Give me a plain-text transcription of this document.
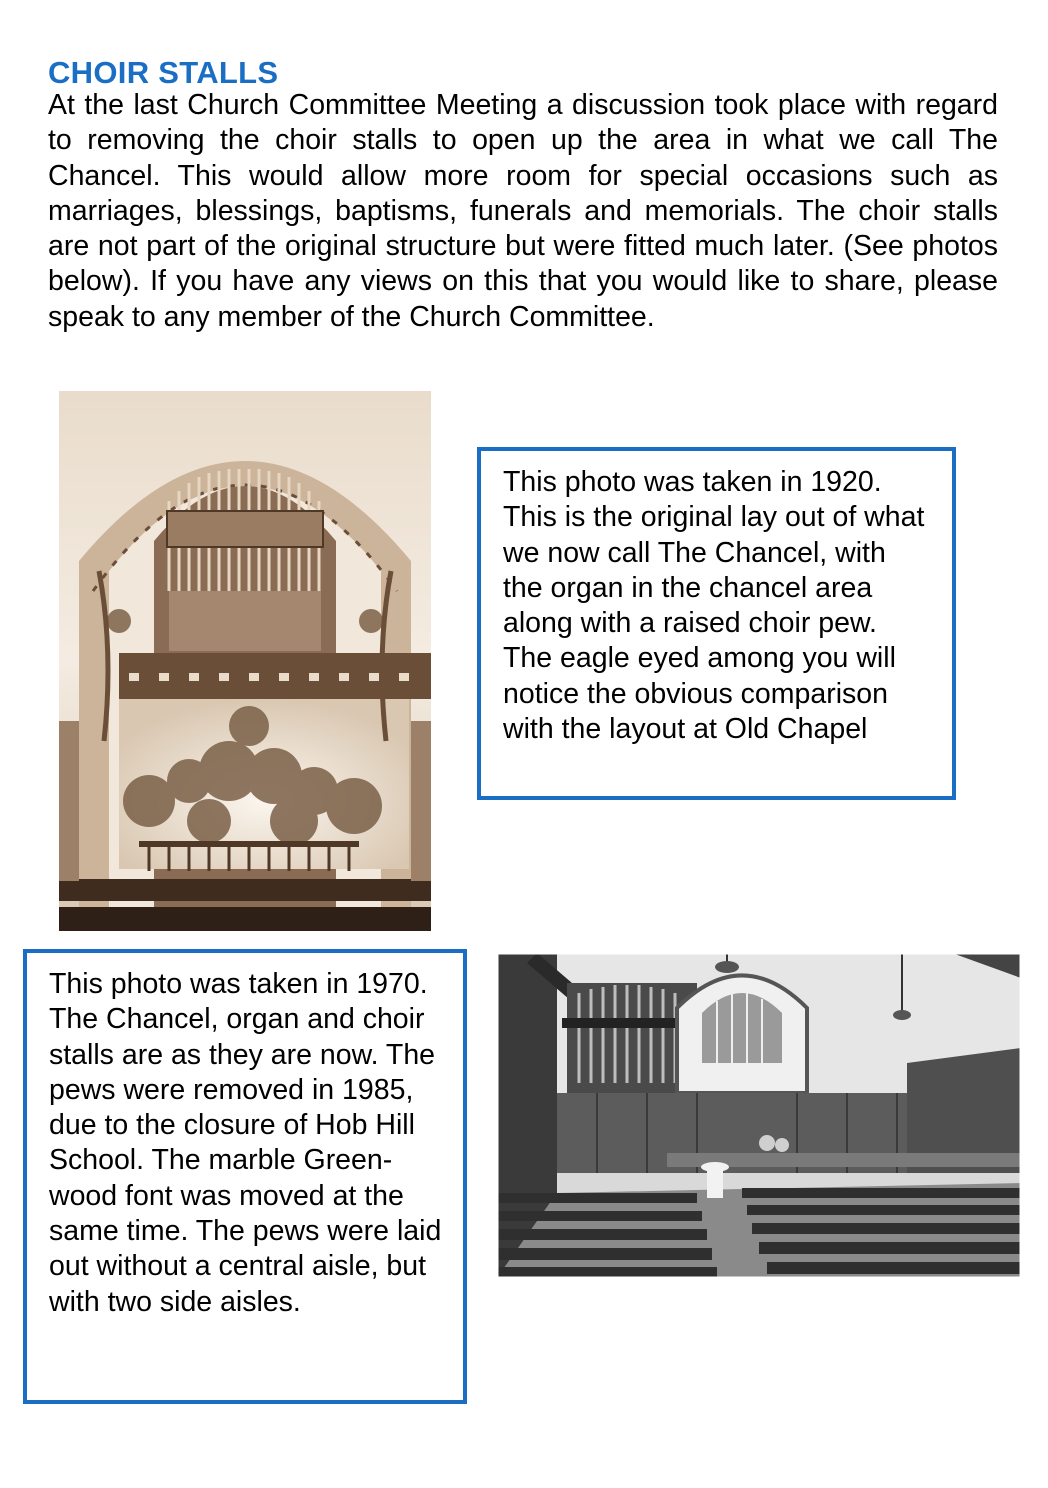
CHOIR STALLS

At the last Church Committee Meeting a discussion took place with regard to removing the choir stalls to open up the area in what we call The Chancel. This would allow more room for special occasions such as marriages, blessings, baptisms, funerals and memorials. The choir stalls are not part of the original structure but were fitted much later. (See photos below). If you have any views on this that you would like to share, please speak to any member of the Church Committee.

This photo was taken in 1920. This is the original lay out of what we now call The Chancel, with the organ in the chancel area along with a raised choir pew. The eagle eyed among you will notice the obvious comparison with the layout at Old Chapel

This photo was taken in 1970. The Chancel, organ and choir stalls are as they are now. The pews were removed in 1985, due to the closure of Hob Hill School. The marble Green-wood font was moved at the same time. The pews were laid out without a central aisle, but with two side aisles.
